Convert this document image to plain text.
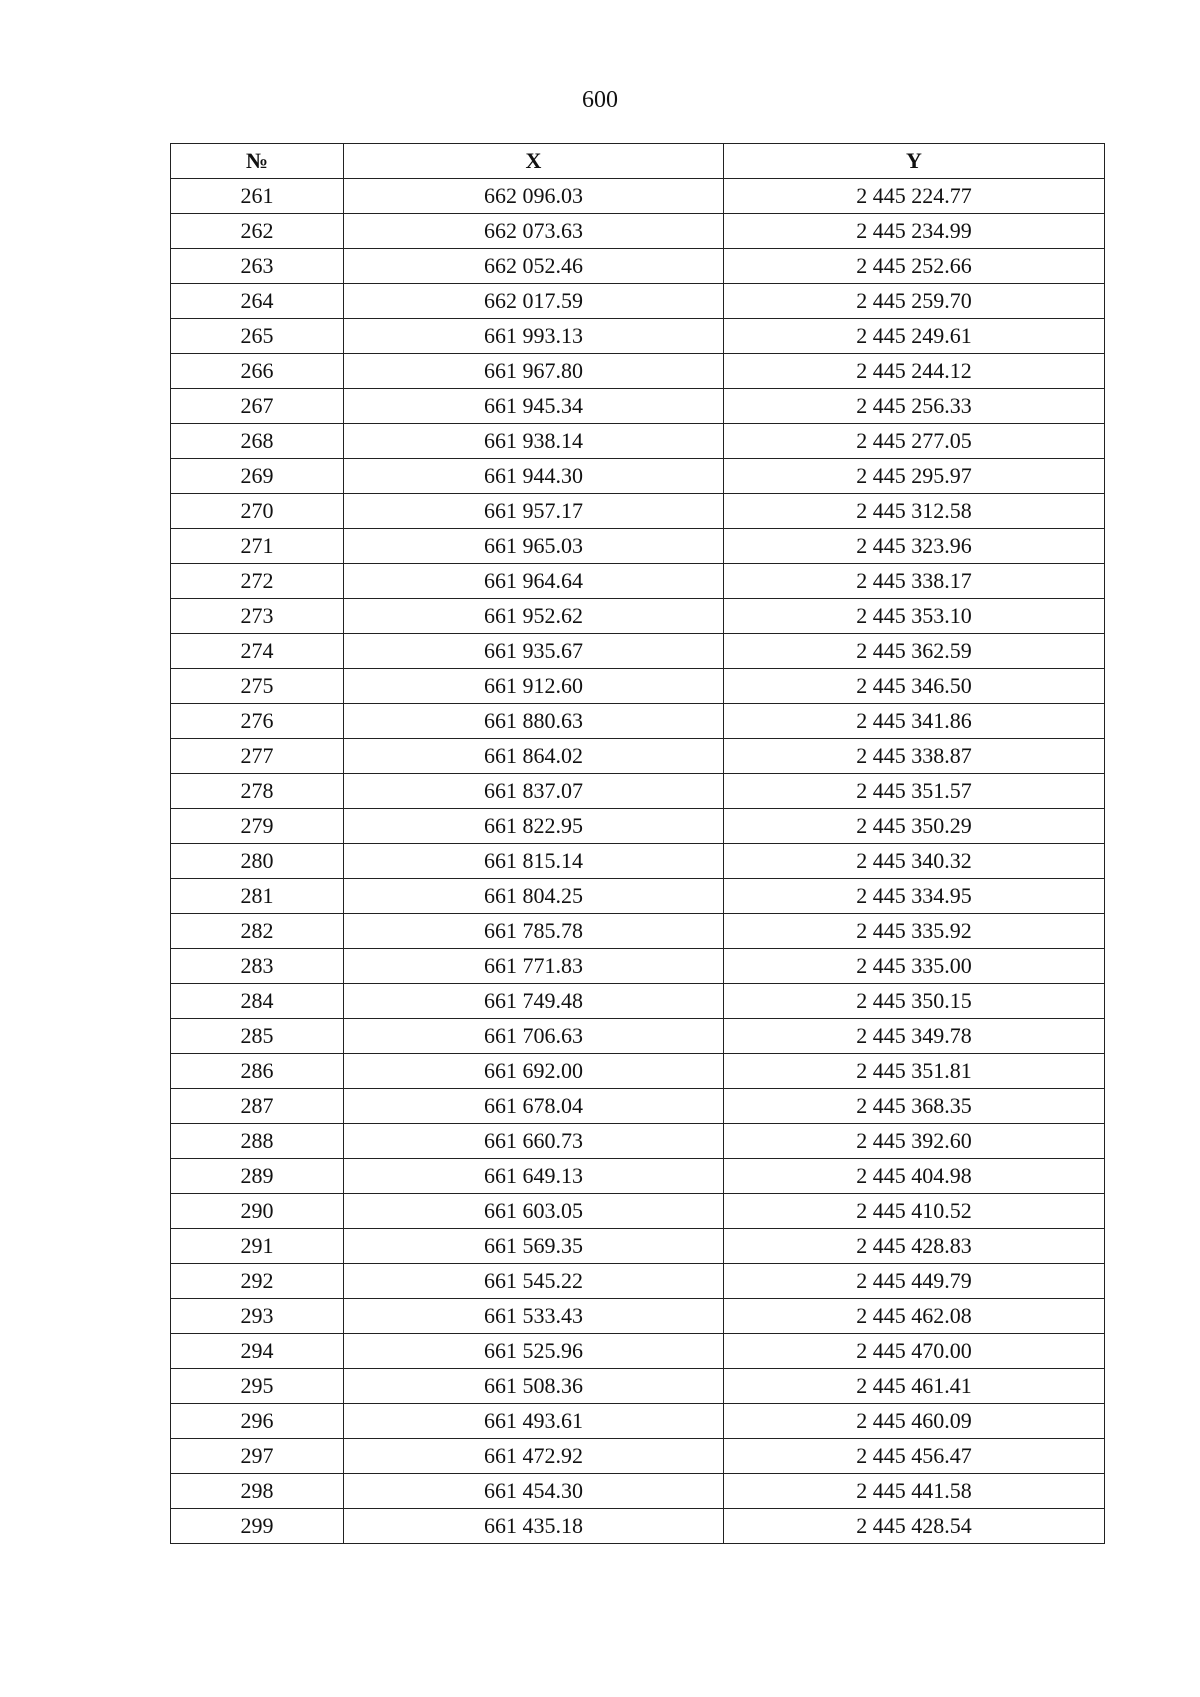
600
№	X	Y
261	662 096.03	2 445 224.77
262	662 073.63	2 445 234.99
263	662 052.46	2 445 252.66
264	662 017.59	2 445 259.70
265	661 993.13	2 445 249.61
266	661 967.80	2 445 244.12
267	661 945.34	2 445 256.33
268	661 938.14	2 445 277.05
269	661 944.30	2 445 295.97
270	661 957.17	2 445 312.58
271	661 965.03	2 445 323.96
272	661 964.64	2 445 338.17
273	661 952.62	2 445 353.10
274	661 935.67	2 445 362.59
275	661 912.60	2 445 346.50
276	661 880.63	2 445 341.86
277	661 864.02	2 445 338.87
278	661 837.07	2 445 351.57
279	661 822.95	2 445 350.29
280	661 815.14	2 445 340.32
281	661 804.25	2 445 334.95
282	661 785.78	2 445 335.92
283	661 771.83	2 445 335.00
284	661 749.48	2 445 350.15
285	661 706.63	2 445 349.78
286	661 692.00	2 445 351.81
287	661 678.04	2 445 368.35
288	661 660.73	2 445 392.60
289	661 649.13	2 445 404.98
290	661 603.05	2 445 410.52
291	661 569.35	2 445 428.83
292	661 545.22	2 445 449.79
293	661 533.43	2 445 462.08
294	661 525.96	2 445 470.00
295	661 508.36	2 445 461.41
296	661 493.61	2 445 460.09
297	661 472.92	2 445 456.47
298	661 454.30	2 445 441.58
299	661 435.18	2 445 428.54
